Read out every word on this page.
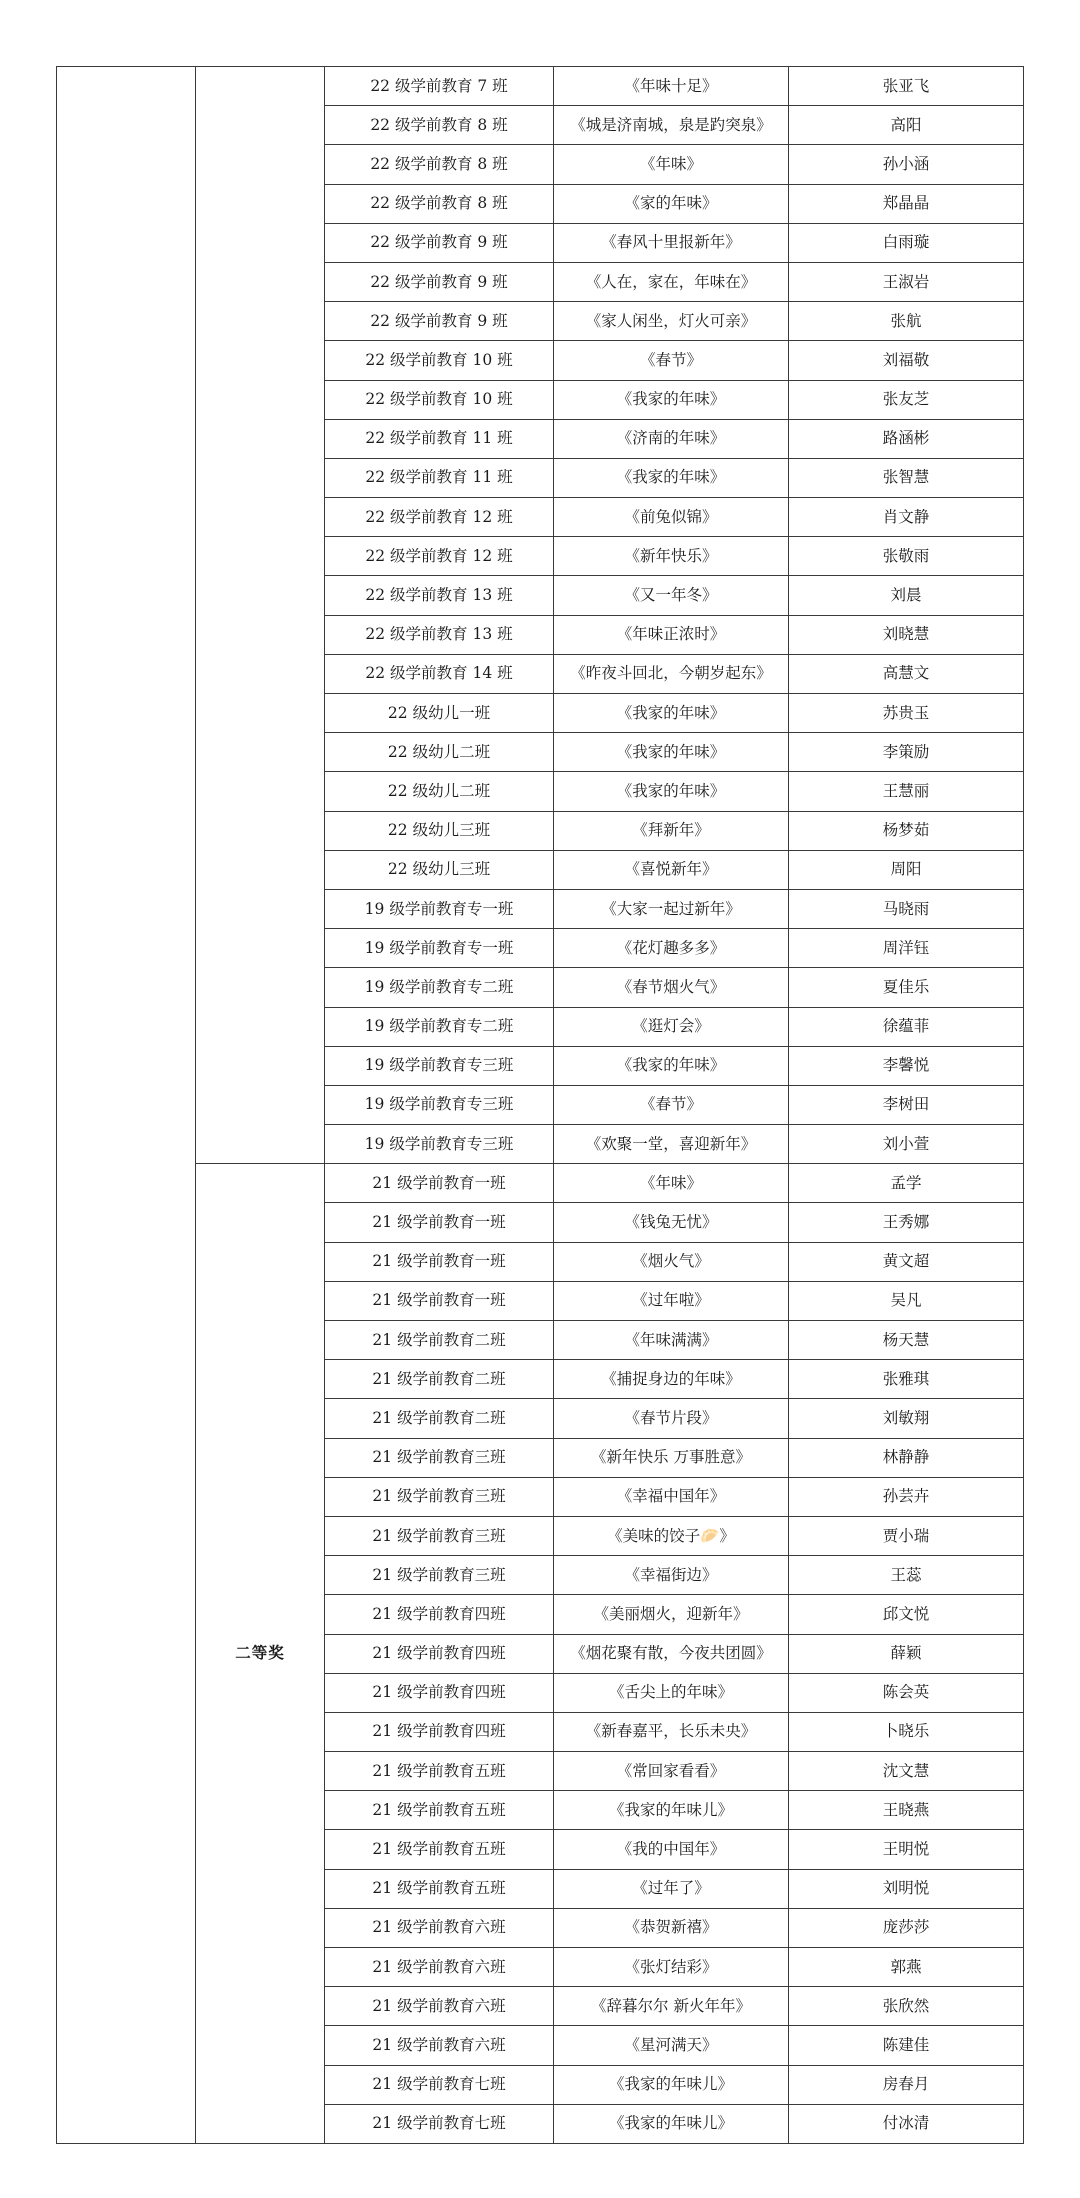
		22 级学前教育 7 班	《年味十足》	张亚飞
		22 级学前教育 8 班	《城是济南城，泉是趵突泉》	高阳
		22 级学前教育 8 班	《年味》	孙小涵
		22 级学前教育 8 班	《家的年味》	郑晶晶
		22 级学前教育 9 班	《春风十里报新年》	白雨璇
		22 级学前教育 9 班	《人在，家在，年味在》	王淑岩
		22 级学前教育 9 班	《家人闲坐，灯火可亲》	张航
		22 级学前教育 10 班	《春节》	刘福敬
		22 级学前教育 10 班	《我家的年味》	张友芝
		22 级学前教育 11 班	《济南的年味》	路涵彬
		22 级学前教育 11 班	《我家的年味》	张智慧
		22 级学前教育 12 班	《前兔似锦》	肖文静
		22 级学前教育 12 班	《新年快乐》	张敬雨
		22 级学前教育 13 班	《又一年冬》	刘晨
		22 级学前教育 13 班	《年味正浓时》	刘晓慧
		22 级学前教育 14 班	《昨夜斗回北，今朝岁起东》	高慧文
		22 级幼儿一班	《我家的年味》	苏贵玉
		22 级幼儿二班	《我家的年味》	李策励
		22 级幼儿二班	《我家的年味》	王慧丽
		22 级幼儿三班	《拜新年》	杨梦茹
		22 级幼儿三班	《喜悦新年》	周阳
		19 级学前教育专一班	《大家一起过新年》	马晓雨
		19 级学前教育专一班	《花灯趣多多》	周洋钰
		19 级学前教育专二班	《春节烟火气》	夏佳乐
		19 级学前教育专二班	《逛灯会》	徐蕴菲
		19 级学前教育专三班	《我家的年味》	李馨悦
		19 级学前教育专三班	《春节》	李树田
		19 级学前教育专三班	《欢聚一堂，喜迎新年》	刘小萱
	二等奖	21 级学前教育一班	《年味》	孟学
		21 级学前教育一班	《钱兔无忧》	王秀娜
		21 级学前教育一班	《烟火气》	黄文超
		21 级学前教育一班	《过年啦》	吴凡
		21 级学前教育二班	《年味满满》	杨天慧
		21 级学前教育二班	《捕捉身边的年味》	张雅琪
		21 级学前教育二班	《春节片段》	刘敏翔
		21 级学前教育三班	《新年快乐 万事胜意》	林静静
		21 级学前教育三班	《幸福中国年》	孙芸卉
		21 级学前教育三班	《美味的饺子🥟》	贾小瑞
		21 级学前教育三班	《幸福街边》	王蕊
		21 级学前教育四班	《美丽烟火，迎新年》	邱文悦
		21 级学前教育四班	《烟花聚有散，今夜共团圆》	薛颖
		21 级学前教育四班	《舌尖上的年味》	陈会英
		21 级学前教育四班	《新春嘉平，长乐未央》	卜晓乐
		21 级学前教育五班	《常回家看看》	沈文慧
		21 级学前教育五班	《我家的年味儿》	王晓燕
		21 级学前教育五班	《我的中国年》	王明悦
		21 级学前教育五班	《过年了》	刘明悦
		21 级学前教育六班	《恭贺新禧》	庞莎莎
		21 级学前教育六班	《张灯结彩》	郭燕
		21 级学前教育六班	《辞暮尔尔 新火年年》	张欣然
		21 级学前教育六班	《星河满天》	陈建佳
		21 级学前教育七班	《我家的年味儿》	房春月
		21 级学前教育七班	《我家的年味儿》	付冰清
